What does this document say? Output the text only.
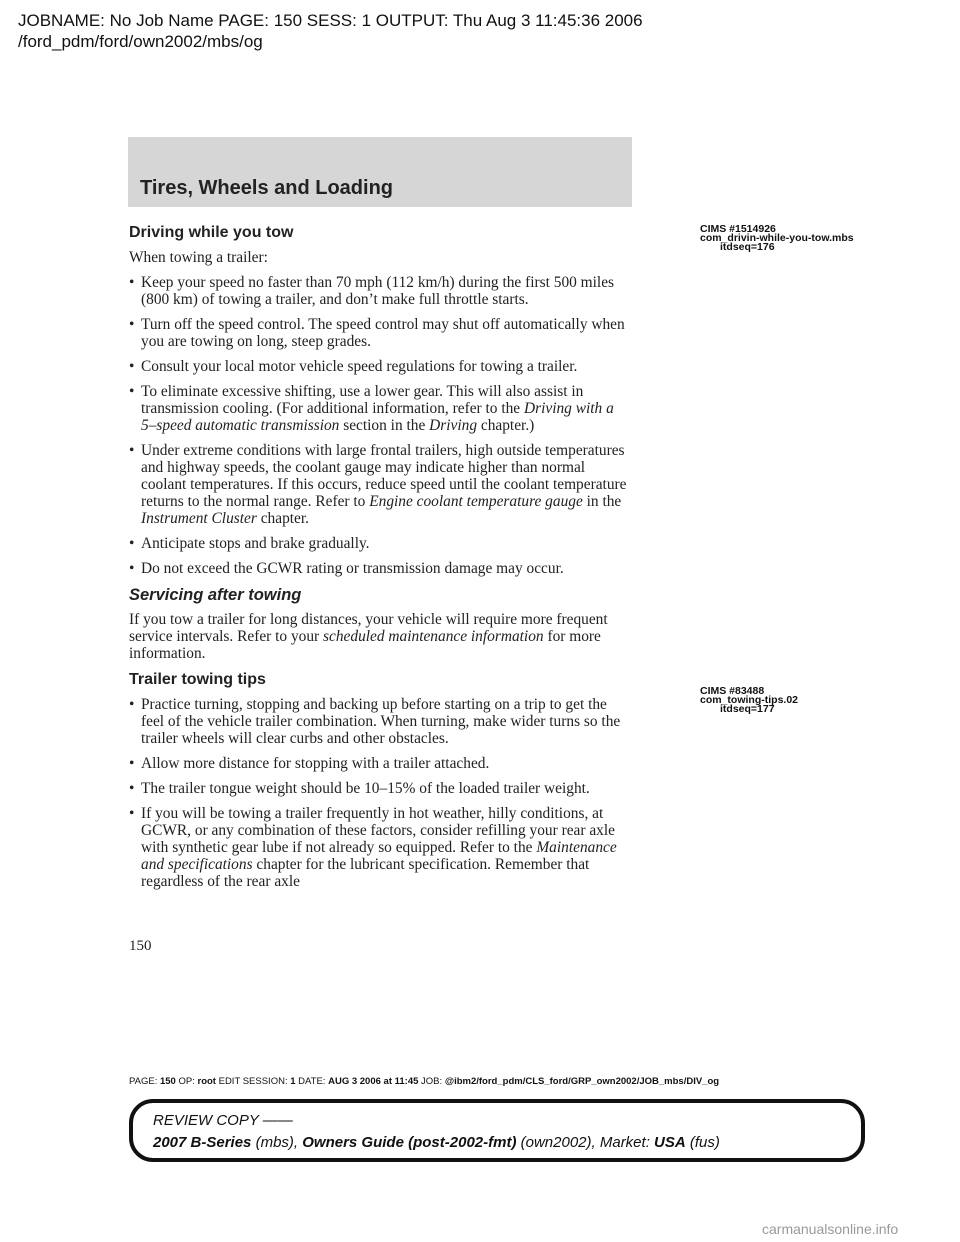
JOBNAME: No Job Name PAGE: 150 SESS: 1 OUTPUT: Thu Aug 3 11:45:36 2006
/ford_pdm/ford/own2002/mbs/og
Tires, Wheels and Loading
Driving while you tow

When towing a trailer:

• Keep your speed no faster than 70 mph (112 km/h) during the first 500 miles (800 km) of towing a trailer, and don’t make full throttle starts.
• Turn off the speed control. The speed control may shut off automatically when you are towing on long, steep grades.
• Consult your local motor vehicle speed regulations for towing a trailer.
• To eliminate excessive shifting, use a lower gear. This will also assist in transmission cooling. (For additional information, refer to the Driving with a 5–speed automatic transmission section in the Driving chapter.)
• Under extreme conditions with large frontal trailers, high outside temperatures and highway speeds, the coolant gauge may indicate higher than normal coolant temperatures. If this occurs, reduce speed until the coolant temperature returns to the normal range. Refer to Engine coolant temperature gauge in the Instrument Cluster chapter.
• Anticipate stops and brake gradually.
• Do not exceed the GCWR rating or transmission damage may occur.
Servicing after towing

If you tow a trailer for long distances, your vehicle will require more frequent service intervals. Refer to your scheduled maintenance information for more information.

Trailer towing tips
• Practice turning, stopping and backing up before starting on a trip to get the feel of the vehicle trailer combination. When turning, make wider turns so the trailer wheels will clear curbs and other obstacles.
• Allow more distance for stopping with a trailer attached.
• The trailer tongue weight should be 10–15% of the loaded trailer weight.
• If you will be towing a trailer frequently in hot weather, hilly conditions, at GCWR, or any combination of these factors, consider refilling your rear axle with synthetic gear lube if not already so equipped. Refer to the Maintenance and specifications chapter for the lubricant specification. Remember that regardless of the rear axle
CIMS #1514926
com_drivin-while-you-tow.mbs
itdseq=176
CIMS #83488
com_towing-tips.02
itdseq=177
150
PAGE: 150 OP: root EDIT SESSION: 1 DATE: AUG 3 2006 at 11:45 JOB: @ibm2/ford_pdm/CLS_ford/GRP_own2002/JOB_mbs/DIV_og
REVIEW COPY ——
2007 B-Series (mbs), Owners Guide (post-2002-fmt) (own2002), Market: USA (fus)
carmanualsonline.info
